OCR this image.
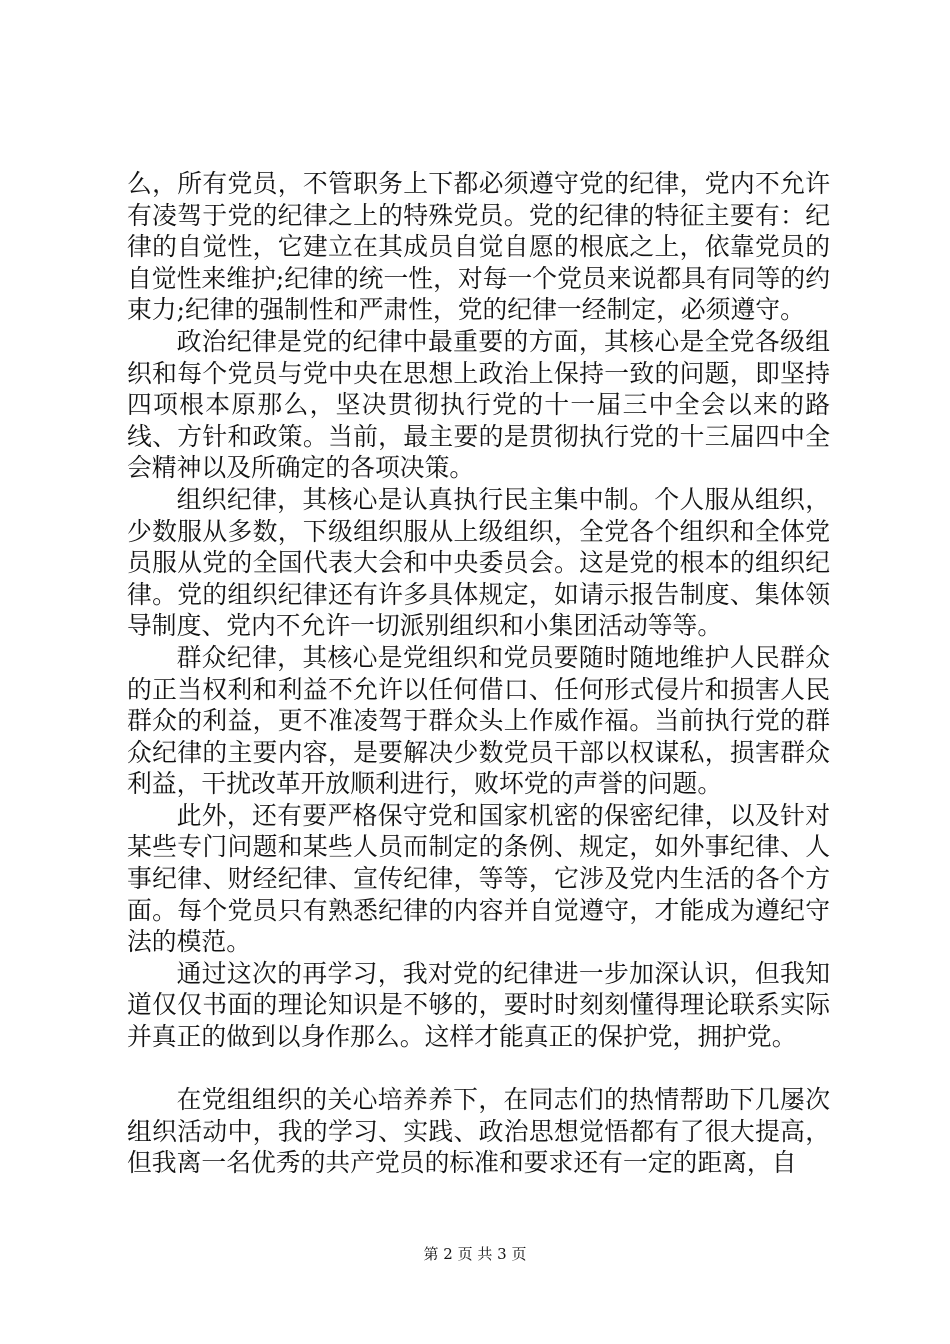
么，所有党员，不管职务上下都必须遵守党的纪律，党内不允许有凌驾于党的纪律之上的特殊党员。党的纪律的特征主要有：纪律的自觉性，它建立在其成员自觉自愿的根底之上，依靠党员的自觉性来维护;纪律的统一性，对每一个党员来说都具有同等的约束力;纪律的强制性和严肃性，党的纪律一经制定，必须遵守。

政治纪律是党的纪律中最重要的方面，其核心是全党各级组织和每个党员与党中央在思想上政治上保持一致的问题，即坚持四项根本原那么，坚决贯彻执行党的十一届三中全会以来的路线、方针和政策。当前，最主要的是贯彻执行党的十三届四中全会精神以及所确定的各项决策。

组织纪律，其核心是认真执行民主集中制。个人服从组织，少数服从多数，下级组织服从上级组织，全党各个组织和全体党员服从党的全国代表大会和中央委员会。这是党的根本的组织纪律。党的组织纪律还有许多具体规定，如请示报告制度、集体领导制度、党内不允许一切派别组织和小集团活动等等。

群众纪律，其核心是党组织和党员要随时随地维护人民群众的正当权利和利益不允许以任何借口、任何形式侵片和损害人民群众的利益，更不准凌驾于群众头上作威作福。当前执行党的群众纪律的主要内容，是要解决少数党员干部以权谋私，损害群众利益，干扰改革开放顺利进行，败坏党的声誉的问题。

此外，还有要严格保守党和国家机密的保密纪律，以及针对某些专门问题和某些人员而制定的条例、规定，如外事纪律、人事纪律、财经纪律、宣传纪律，等等，它涉及党内生活的各个方面。每个党员只有熟悉纪律的内容并自觉遵守，才能成为遵纪守法的模范。

通过这次的再学习，我对党的纪律进一步加深认识，但我知道仅仅书面的理论知识是不够的，要时时刻刻懂得理论联系实际并真正的做到以身作那么。这样才能真正的保护党，拥护党。

在党组组织的关心培养养下，在同志们的热情帮助下几屡次组织活动中，我的学习、实践、政治思想觉悟都有了很大提高，但我离一名优秀的共产党员的标准和要求还有一定的距离，自

第 2 页 共 3 页
